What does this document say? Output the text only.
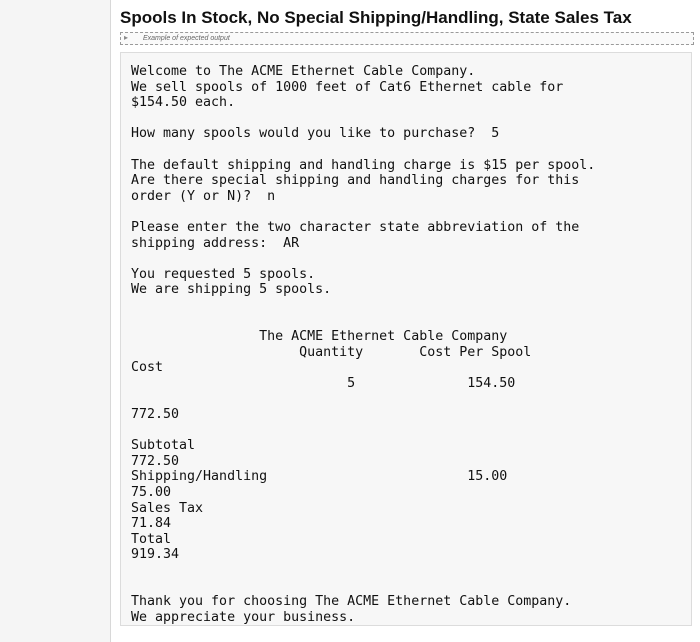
Spools In Stock, No Special Shipping/Handling, State Sales Tax
▸	Example of expected output
Welcome to The ACME Ethernet Cable Company.
We sell spools of 1000 feet of Cat6 Ethernet cable for
$154.50 each.
How many spools would you like to purchase?  5
The default shipping and handling charge is $15 per spool.
Are there special shipping and handling charges for this
order (Y or N)?  n
Please enter the two character state abbreviation of the
shipping address:  AR
You requested 5 spools.
We are shipping 5 spools.
The ACME Ethernet Cable Company
Quantity       Cost Per Spool
Cost
5              154.50
772.50
Subtotal
772.50
Shipping/Handling                         15.00
75.00
Sales Tax
71.84
Total
919.34
Thank you for choosing The ACME Ethernet Cable Company.
We appreciate your business.
